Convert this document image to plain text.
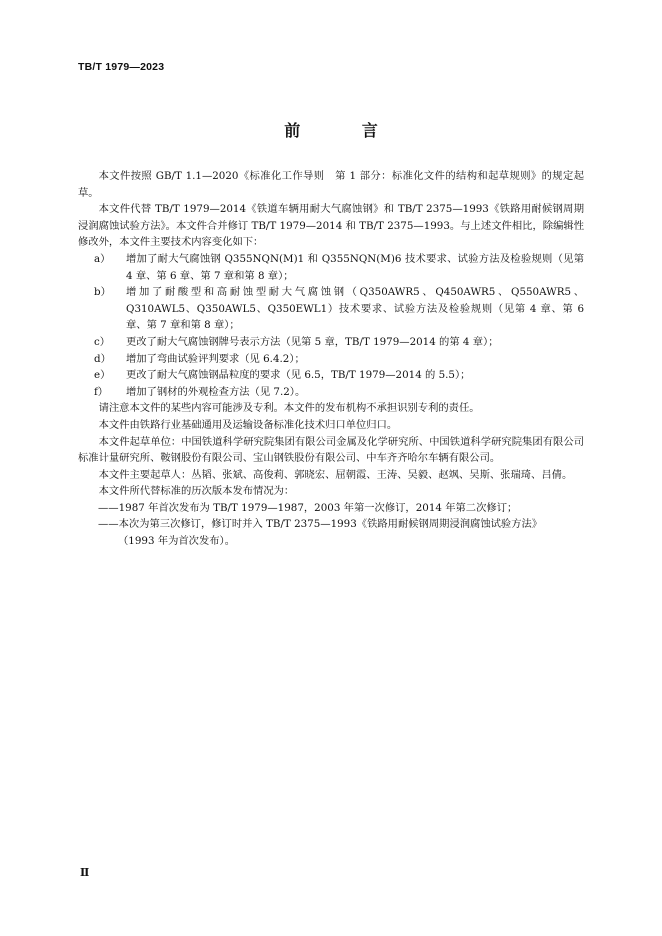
TB/T 1979—2023
前 言

本文件按照 GB/T 1.1—2020《标准化工作导则　第 1 部分：标准化文件的结构和起草规则》的规定起草。

本文件代替 TB/T 1979—2014《铁道车辆用耐大气腐蚀钢》和 TB/T 2375—1993《铁路用耐候钢周期浸润腐蚀试验方法》。本文件合并修订 TB/T 1979—2014 和 TB/T 2375—1993。与上述文件相比，除编辑性修改外，本文件主要技术内容变化如下：

a）	增加了耐大气腐蚀钢 Q355NQN(M)1 和 Q355NQN(M)6 技术要求、试验方法及检验规则（见第 4 章、第 6 章、第 7 章和第 8 章）；
b）	增加了耐酸型和高耐蚀型耐大气腐蚀钢（Q350AWR5、Q450AWR5、Q550AWR5、Q310AWL5、Q350AWL5、Q350EWL1）技术要求、试验方法及检验规则（见第 4 章、第 6 章、第 7 章和第 8 章）；
c）	更改了耐大气腐蚀钢牌号表示方法（见第 5 章，TB/T 1979—2014 的第 4 章）；
d）	增加了弯曲试验评判要求（见 6.4.2）；
e）	更改了耐大气腐蚀钢晶粒度的要求（见 6.5，TB/T 1979—2014 的 5.5）；
f）	增加了钢材的外观检查方法（见 7.2）。

请注意本文件的某些内容可能涉及专利。本文件的发布机构不承担识别专利的责任。

本文件由铁路行业基础通用及运输设备标准化技术归口单位归口。

本文件起草单位：中国铁道科学研究院集团有限公司金属及化学研究所、中国铁道科学研究院集团有限公司标准计量研究所、鞍钢股份有限公司、宝山钢铁股份有限公司、中车齐齐哈尔车辆有限公司。

本文件主要起草人：丛韬、张斌、高俊莉、郭晓宏、屈朝霞、王涛、吴毅、赵飒、吴斯、张瑞琦、吕倩。

本文件所代替标准的历次版本发布情况为：

——1987 年首次发布为 TB/T 1979—1987，2003 年第一次修订，2014 年第二次修订；
——本次为第三次修订，修订时并入 TB/T 2375—1993《铁路用耐候钢周期浸润腐蚀试验方法》
（1993 年为首次发布）。
Ⅱ
